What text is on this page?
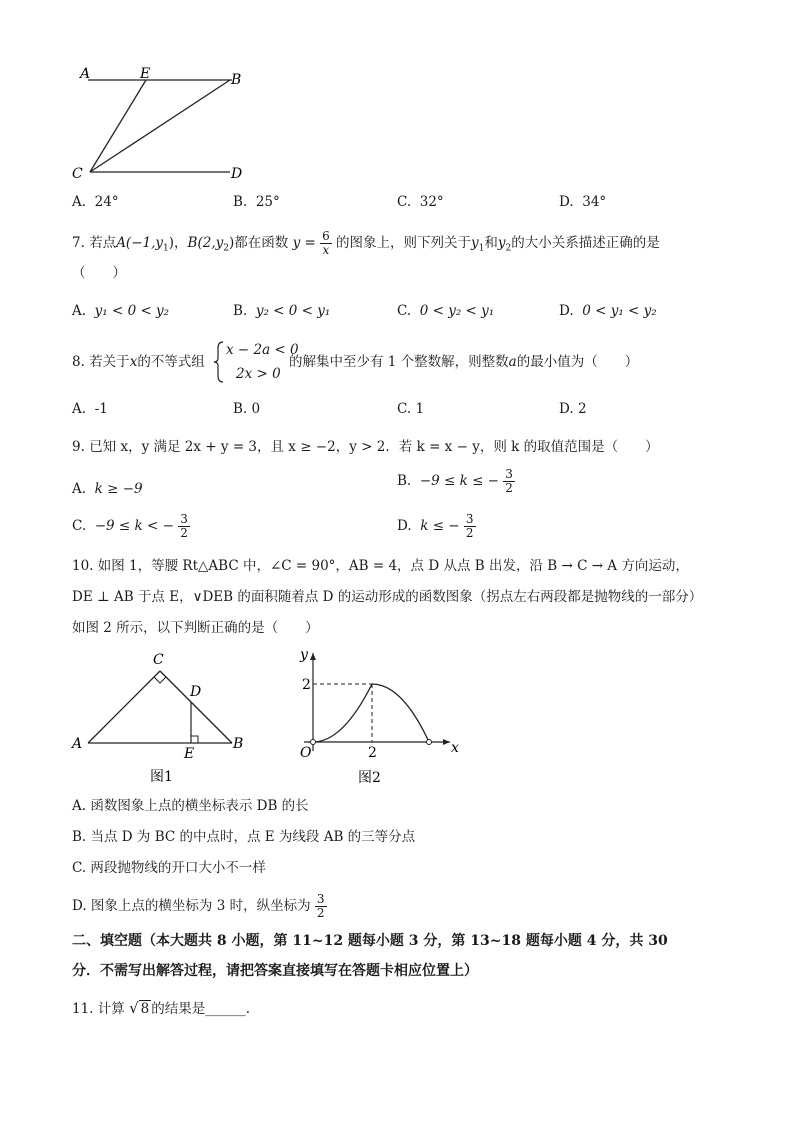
A	E	B
C	D
A. 24°	B. 25°	C. 32°	D. 34°
7. 若点$A(-1,y_1)$，$B(2,y_2)$都在函数 $y = \frac{6}{x}$ 的图象上，则下列关于$y_1$和$y_2$的大小关系描述正确的是
（　　）
A. y₁ < 0 < y₂	B. y₂ < 0 < y₁	C. 0 < y₂ < y₁	D. 0 < y₁ < y₂
8. 若关于x的不等式组
x − 2a < 0
2x > 0
的解集中至少有 1 个整数解，则整数a的最小值为（　　）
A. -1	B. 0	C. 1	D. 2
9. 已知 x，y 满足 2x + y = 3，且 x ≥ −2，y > 2．若 k = x − y，则 k 的取值范围是（　　）
A. k ≥ −9	B. −9 ≤ k ≤ − $\frac{3}{2}$
C. −9 ≤ k < − $\frac{3}{2}$	D. k ≤ − $\frac{3}{2}$
10. 如图 1，等腰 Rt△ABC 中，∠C = 90°，AB = 4，点 D 从点 B 出发，沿 B → C → A 方向运动，
DE ⊥ AB 于点 E，∨DEB 的面积随着点 D 的运动形成的函数图象（拐点左右两段都是抛物线的一部分）
如图 2 所示，以下判断正确的是（　　）
C
D
A	B
E
图1
y
x
O
2
2
图2
A. 函数图象上点的横坐标表示 DB 的长
B. 当点 D 为 BC 的中点时，点 E 为线段 AB 的三等分点
C. 两段抛物线的开口大小不一样
D. 图象上点的横坐标为 3 时，纵坐标为 $\frac{3}{2}$
二、填空题（本大题共 8 小题，第 11~12 题每小题 3 分，第 13~18 题每小题 4 分，共 30
分．不需写出解答过程，请把答案直接填写在答题卡相应位置上）
11. 计算 √ 8 的结果是______.
